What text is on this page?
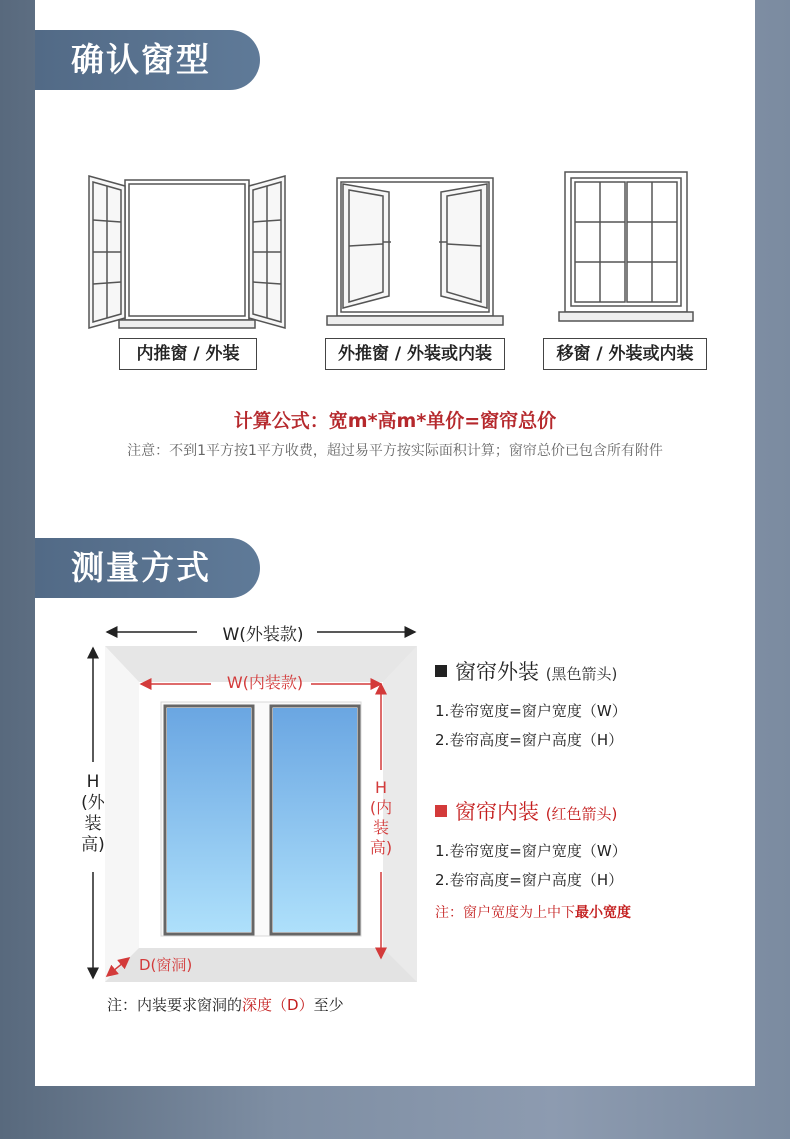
确认窗型
内推窗 / 外装	外推窗 / 外装或内装	移窗 / 外装或内装
计算公式：宽m*高m*单价=窗帘总价
注意：不到1平方按1平方收费，超过易平方按实际面积计算；窗帘总价已包含所有附件
测量方式
W(外装款)
W(内装款)
H(外装高)
H(内装高)
D(窗洞)
窗帘外装 (黑色箭头)
1.卷帘宽度=窗户宽度（W）
2.卷帘高度=窗户高度（H）
窗帘内装 (红色箭头)
1.卷帘宽度=窗户宽度（W）
2.卷帘高度=窗户高度（H）
注：窗户宽度为上中下最小宽度
注：内装要求窗洞的深度（D）至少
